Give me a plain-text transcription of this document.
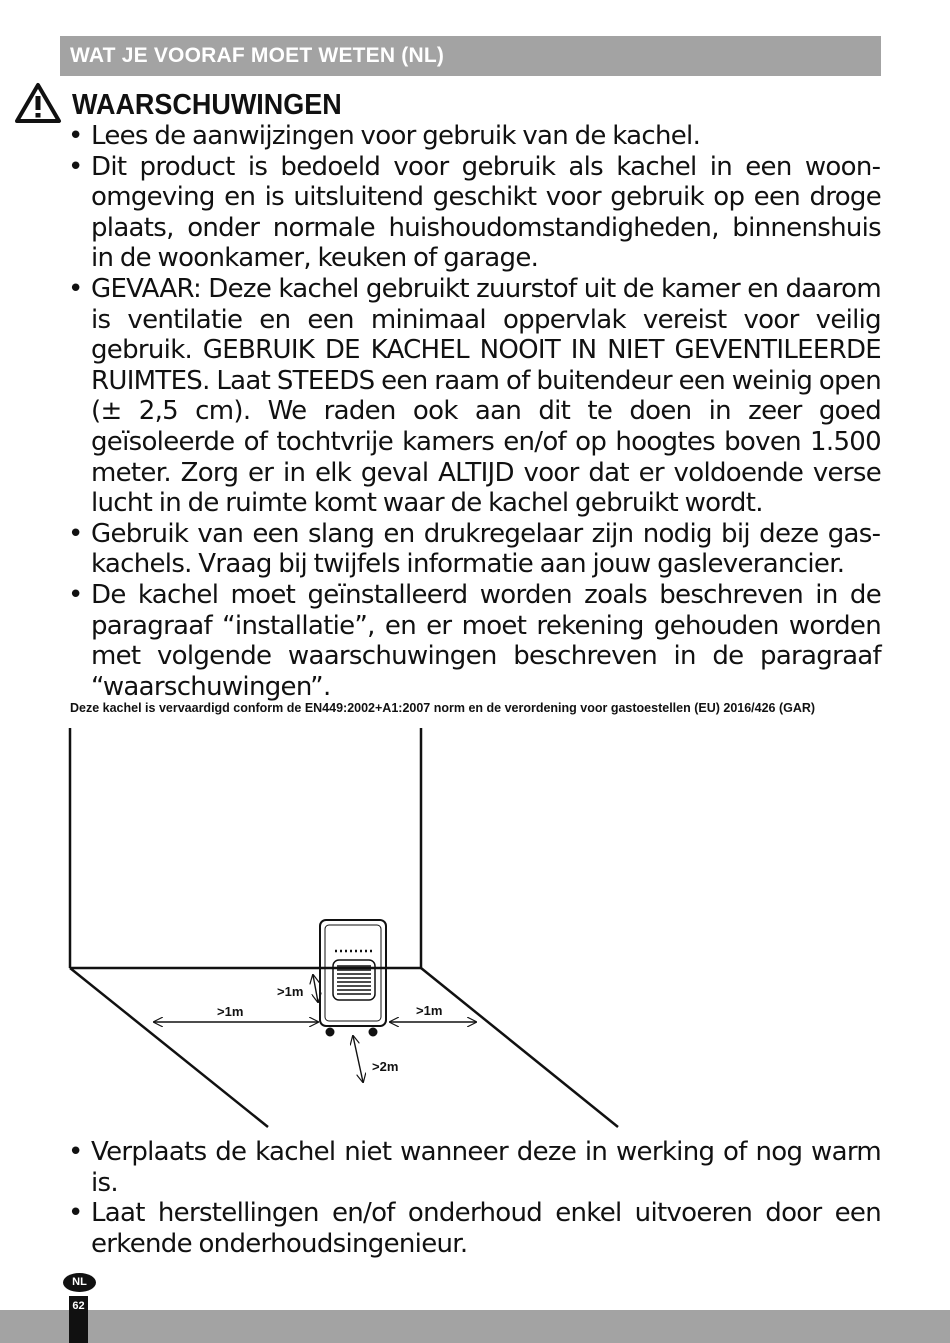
WAT JE VOORAF MOET WETEN (NL)
WAARSCHUWINGEN
• Lees de aanwijzingen voor gebruik van de kachel.
• Dit product is bedoeld voor gebruik als kachel in een woonomgeving en is uitsluitend geschikt voor gebruik op een droge plaats, onder normale huishoudomstandigheden, binnenshuis in de woonkamer, keuken of garage.
• GEVAAR: Deze kachel gebruikt zuurstof uit de kamer en daarom is ventilatie en een minimaal oppervlak vereist voor veilig gebruik. GEBRUIK DE KACHEL NOOIT IN NIET GEVENTILEERDE RUIMTES. Laat STEEDS een raam of buitendeur een weinig open (± 2,5 cm). We raden ook aan dit te doen in zeer goed geïsoleerde of tochtvrije kamers en/of op hoogtes boven 1.500 meter. Zorg er in elk geval ALTIJD voor dat er voldoende verse lucht in de ruimte komt waar de kachel gebruikt wordt.
• Gebruik van een slang en drukregelaar zijn nodig bij deze gaskachels. Vraag bij twijfels informatie aan jouw gasleverancier.
• De kachel moet geïnstalleerd worden zoals beschreven in de paragraaf “installatie”, en er moet rekening gehouden worden met volgende waarschuwingen beschreven in de paragraaf “waarschuwingen”.
Deze kachel is vervaardigd conform de EN449:2002+A1:2007 norm en de verordening voor gastoestellen (EU) 2016/426 (GAR)
>1m
>1m	>1m
>2m
• Verplaats de kachel niet wanneer deze in werking of nog warm is.
• Laat herstellingen en/of onderhoud enkel uitvoeren door een erkende onderhoudsingenieur.
NL
62
